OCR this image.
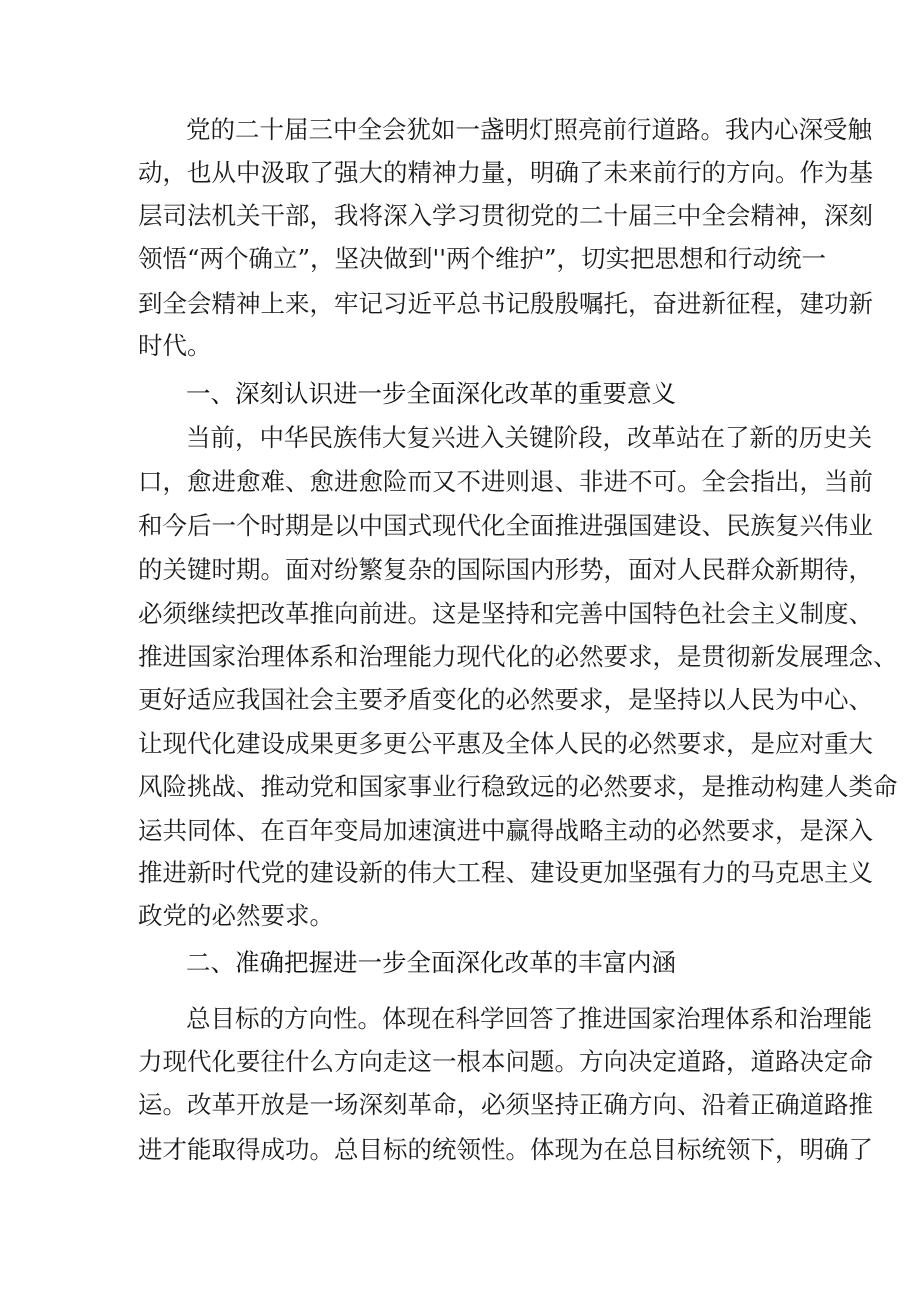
党的二十届三中全会犹如一盏明灯照亮前行道路。我内心深受触
动，也从中汲取了强大的精神力量，明确了未来前行的方向。作为基
层司法机关干部，我将深入学习贯彻党的二十届三中全会精神，深刻
领悟“两个确立”，坚决做到''两个维护”，切实把思想和行动统一
到全会精神上来，牢记习近平总书记殷殷嘱托，奋进新征程，建功新
时代。
一、深刻认识进一步全面深化改革的重要意义
当前，中华民族伟大复兴进入关键阶段，改革站在了新的历史关
口，愈进愈难、愈进愈险而又不进则退、非进不可。全会指出，当前
和今后一个时期是以中国式现代化全面推进强国建设、民族复兴伟业
的关键时期。面对纷繁复杂的国际国内形势，面对人民群众新期待，
必须继续把改革推向前进。这是坚持和完善中国特色社会主义制度、
推进国家治理体系和治理能力现代化的必然要求，是贯彻新发展理念、
更好适应我国社会主要矛盾变化的必然要求，是坚持以人民为中心、
让现代化建设成果更多更公平惠及全体人民的必然要求，是应对重大
风险挑战、推动党和国家事业行稳致远的必然要求，是推动构建人类命
运共同体、在百年变局加速演进中赢得战略主动的必然要求，是深入
推进新时代党的建设新的伟大工程、建设更加坚强有力的马克思主义
政党的必然要求。
二、准确把握进一步全面深化改革的丰富内涵
总目标的方向性。体现在科学回答了推进国家治理体系和治理能
力现代化要往什么方向走这一根本问题。方向决定道路，道路决定命
运。改革开放是一场深刻革命，必须坚持正确方向、沿着正确道路推
进才能取得成功。总目标的统领性。体现为在总目标统领下，明确了
